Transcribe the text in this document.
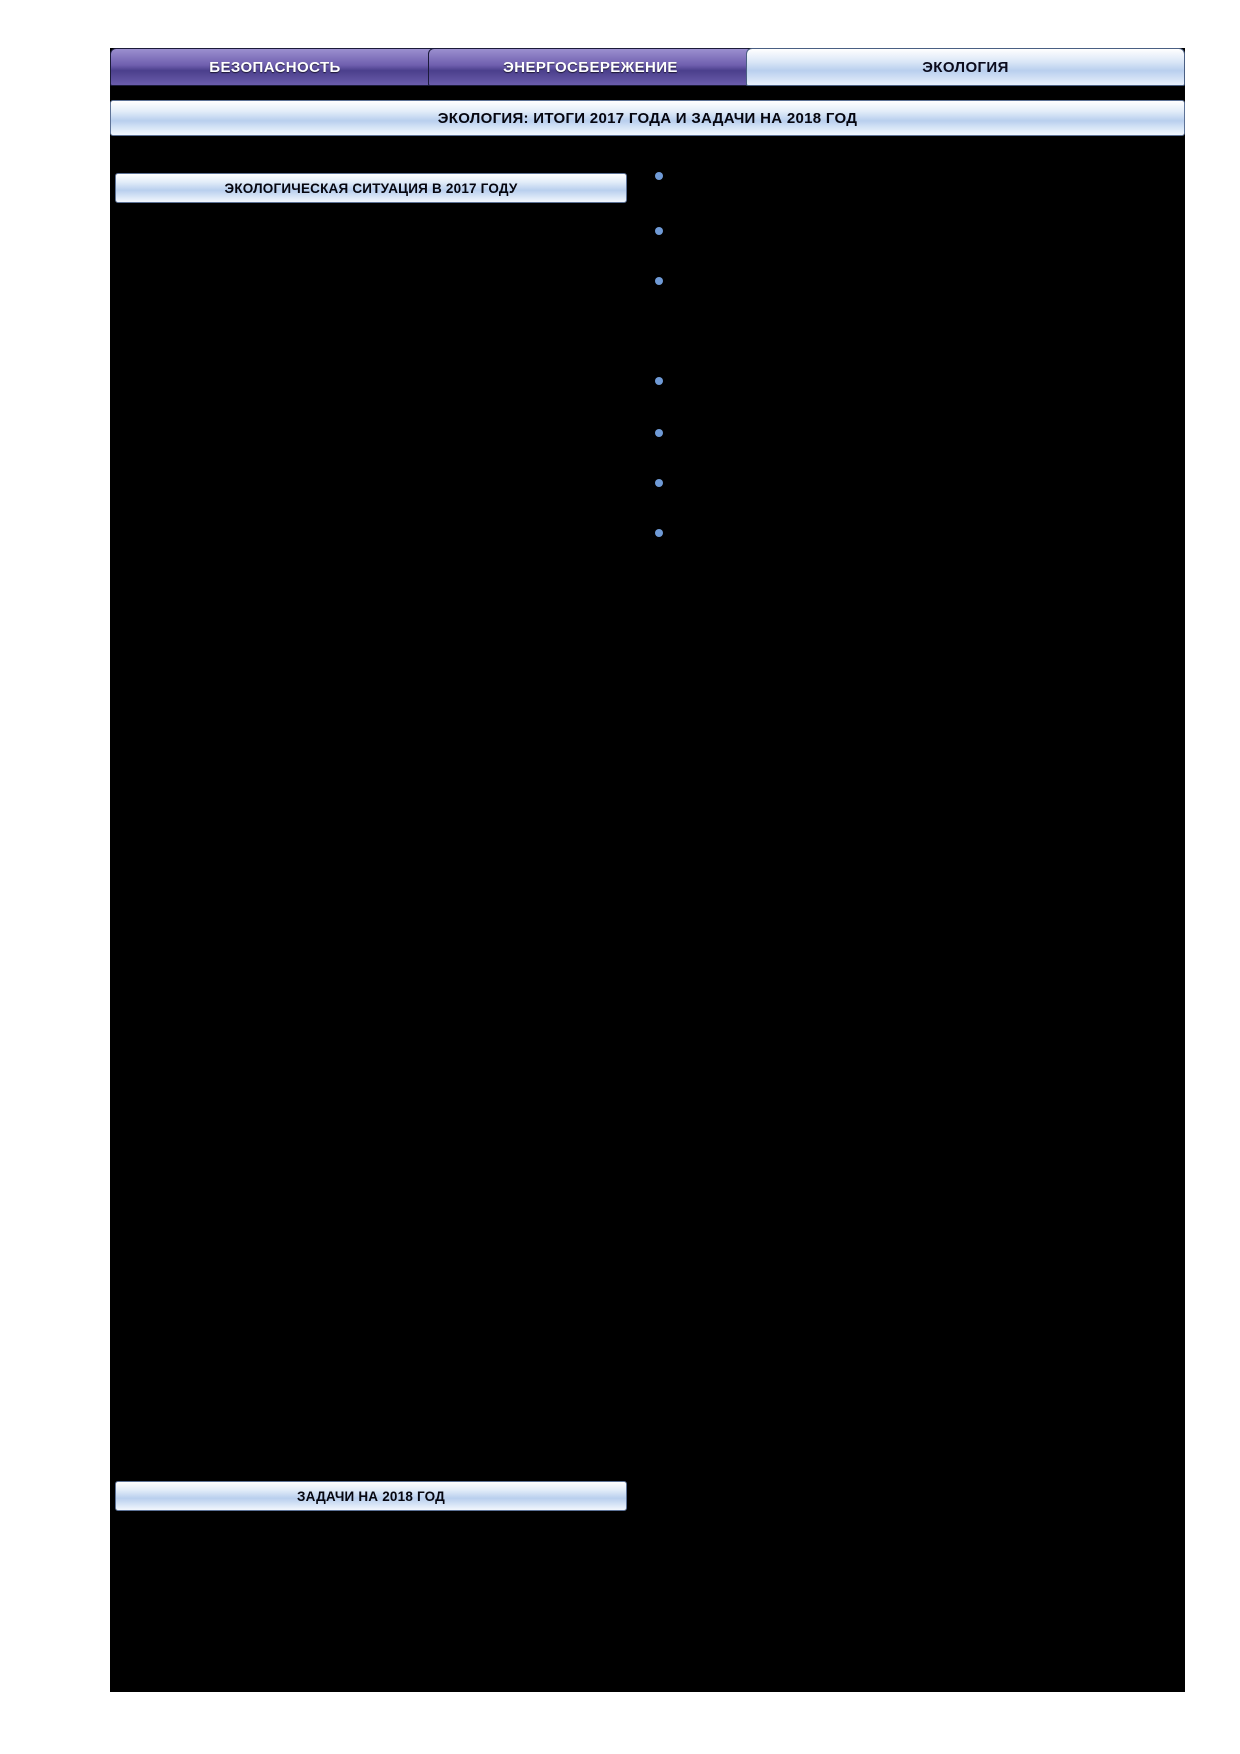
БЕЗОПАСНОСТЬ	ЭНЕРГОСБЕРЕЖЕНИЕ	ЭКОЛОГИЯ
ЭКОЛОГИЯ: ИТОГИ 2017 ГОДА И ЗАДАЧИ НА 2018 ГОД
ЭКОЛОГИЧЕСКАЯ СИТУАЦИЯ В 2017 ГОДУ
ЗАДАЧИ НА 2018 ГОД
